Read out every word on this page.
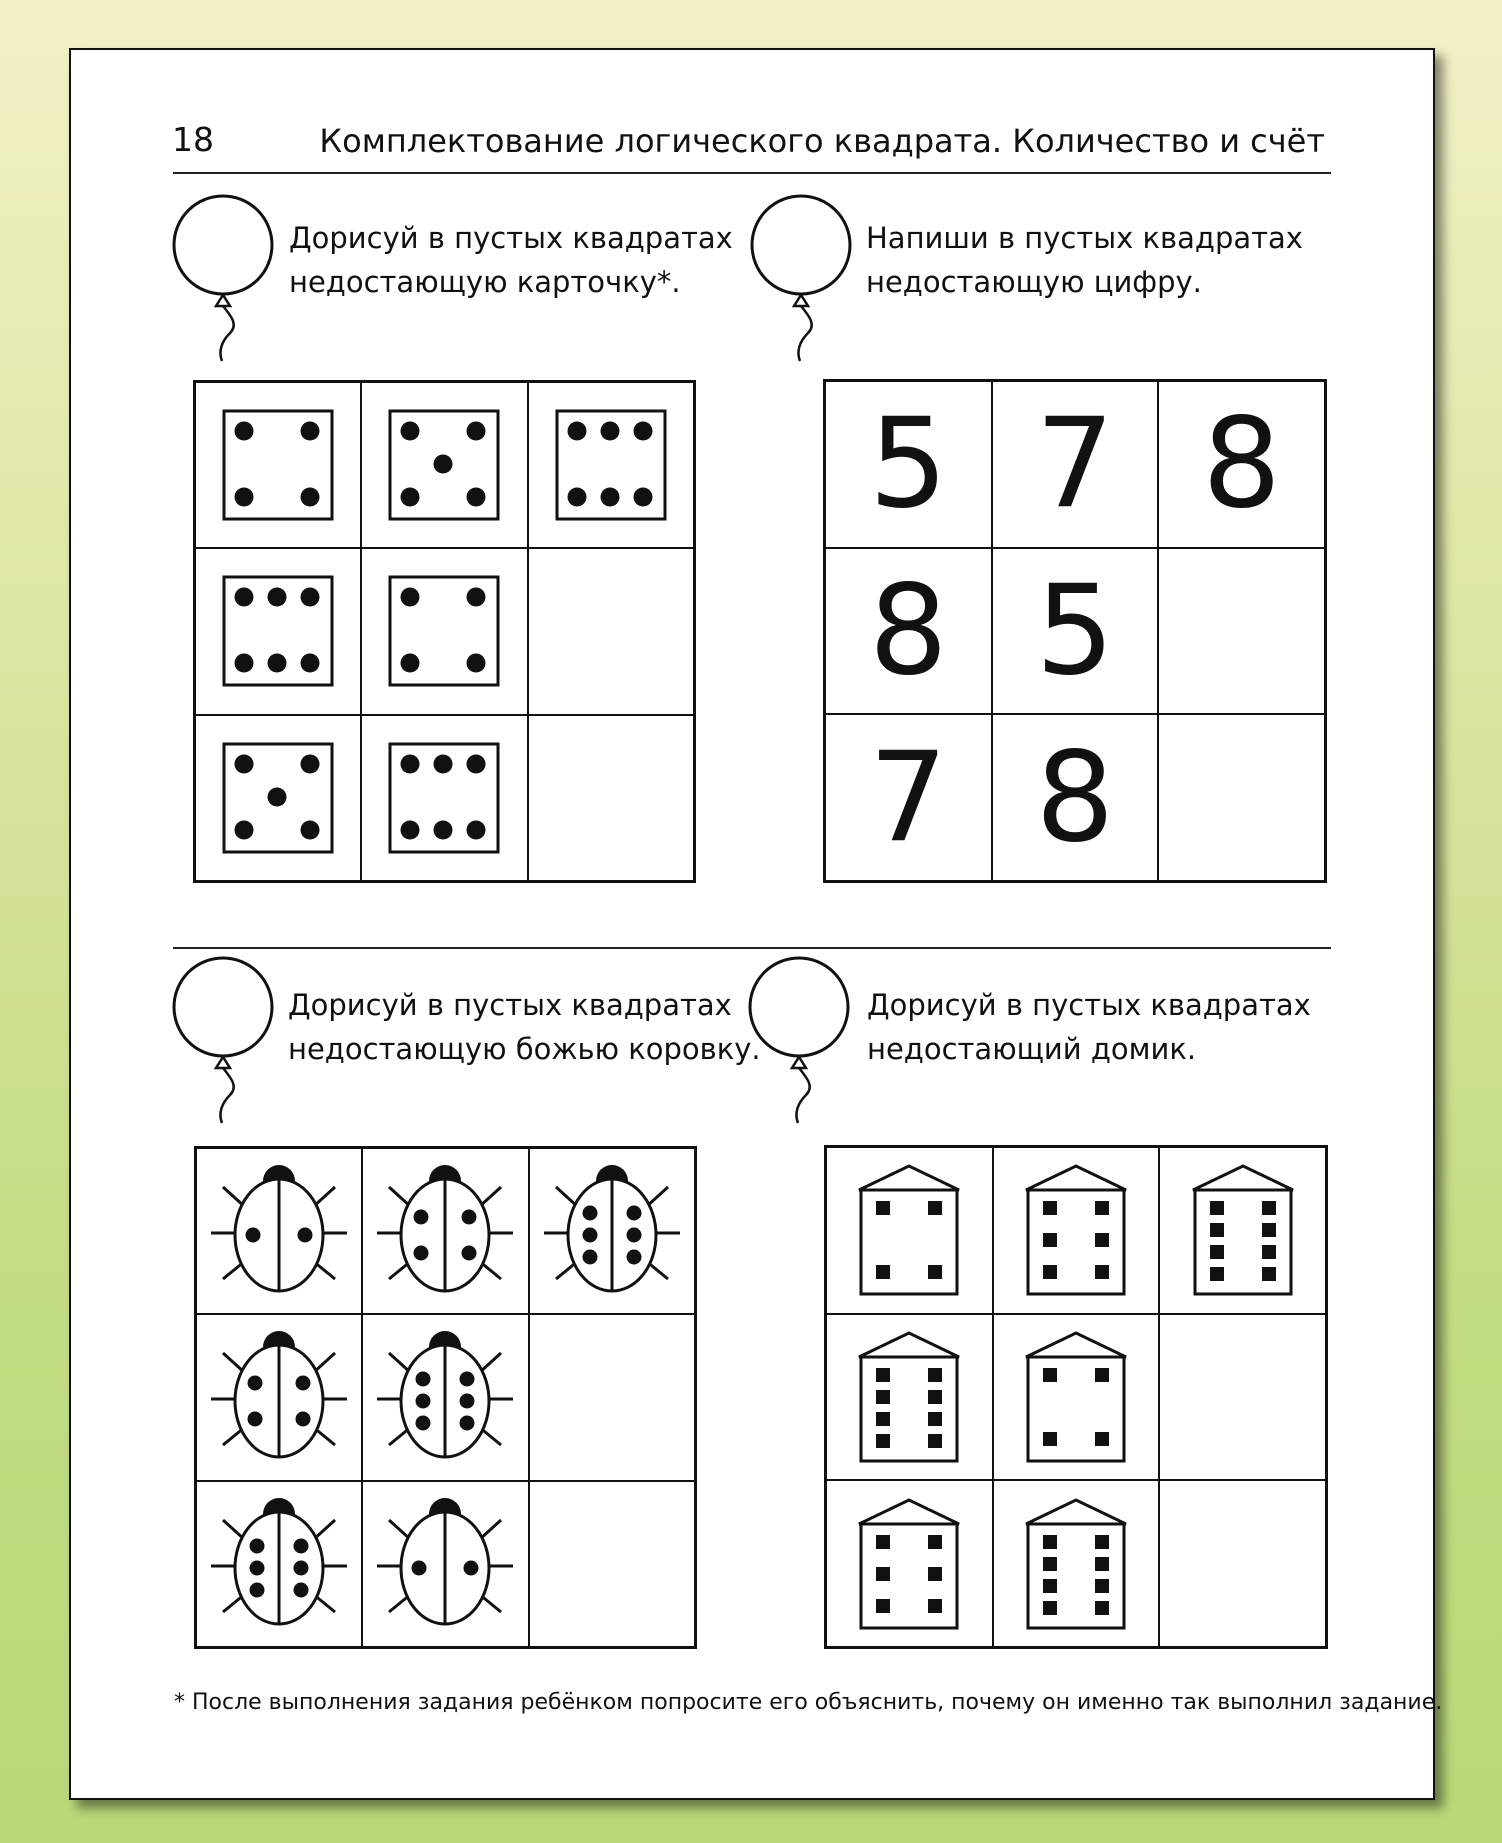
18	Комплектование логического квадрата. Количество и счёт
Дорисуй в пустых квадратах
недостающую карточку*.
Напиши в пустых квадратах
недостающую цифру.
5 7 8
8 5
7 8
Дорисуй в пустых квадратах
недостающую божью коровку.
Дорисуй в пустых квадратах
недостающий домик.
* После выполнения задания ребёнком попросите его объяснить, почему он именно так выполнил задание.
